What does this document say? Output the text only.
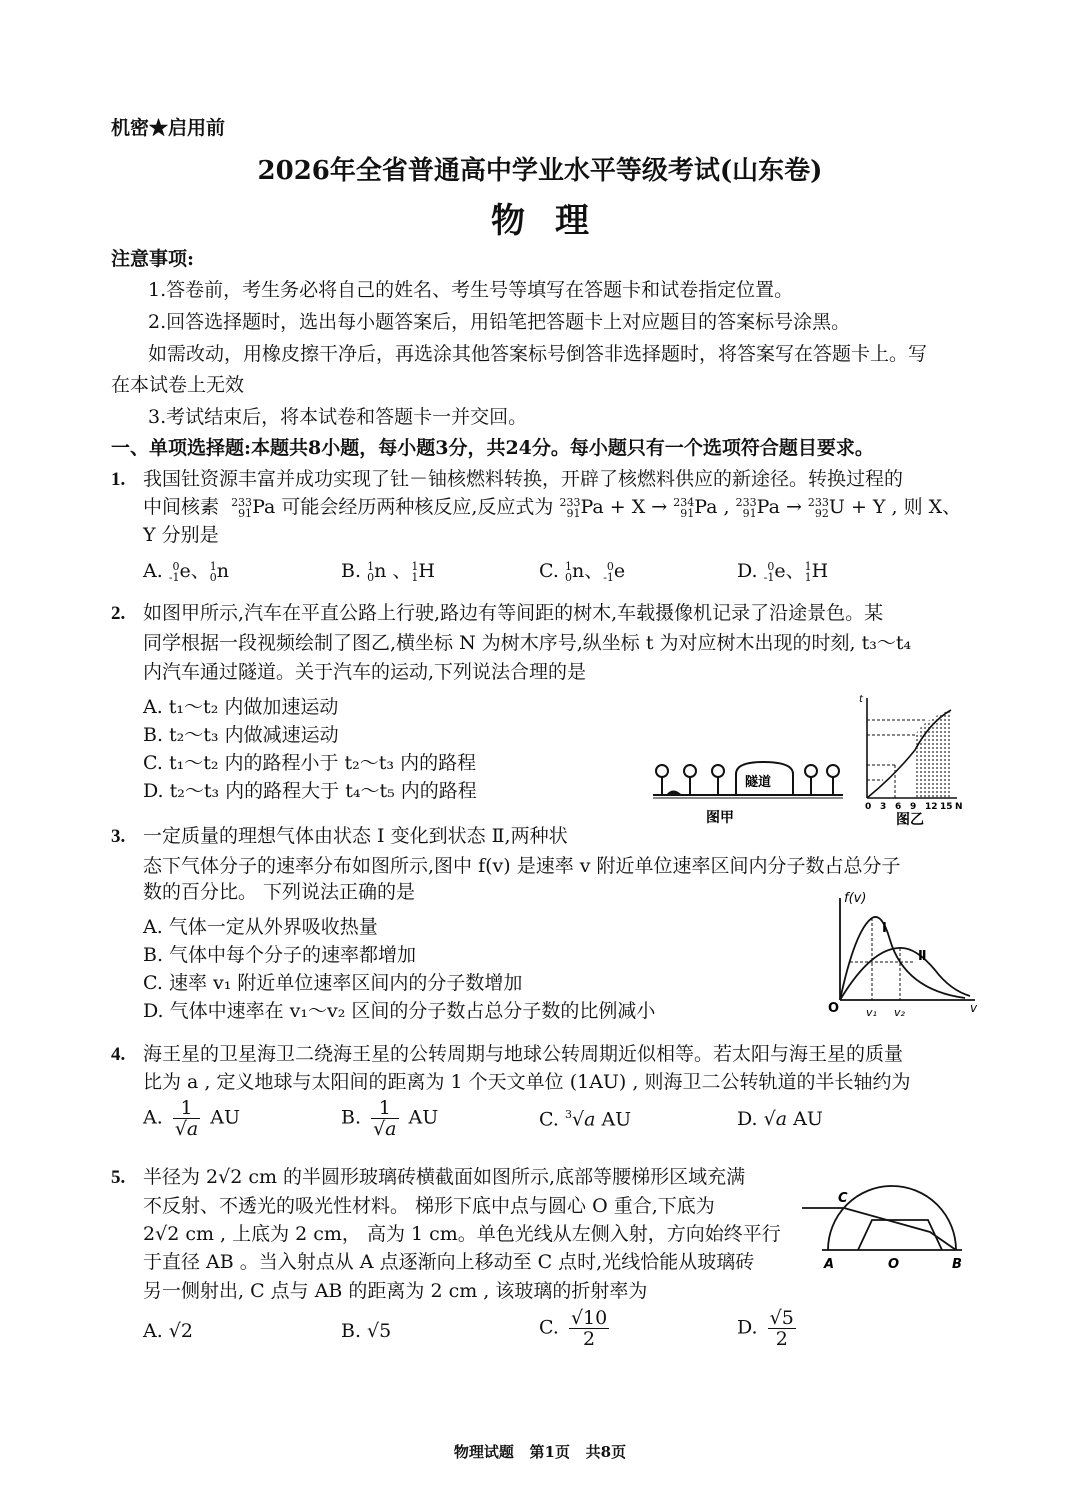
机密★启用前
2026年全省普通高中学业水平等级考试(山东卷)
物理
注意事项:
1.答卷前，考生务必将自己的姓名、考生号等填写在答题卡和试卷指定位置。
2.回答选择题时，选出每小题答案后，用铅笔把答题卡上对应题目的答案标号涂黑。
如需改动，用橡皮擦干净后，再选涂其他答案标号倒答非选择题时，将答案写在答题卡上。写
在本试卷上无效
3.考试结束后，将本试卷和答题卡一并交回。
一、单项选择题:本题共8小题，每小题3分，共24分。每小题只有一个选项符合题目要求。
1. 我国钍资源丰富并成功实现了钍－铀核燃料转换，开辟了核燃料供应的新途径。转换过程的
中间核素 233
91Pa 可能会经历两种核反应,反应式为 233
91Pa + X → 234
91Pa , 233
91Pa → 233
92U + Y , 则 X、
Y 分别是
A. 0
-1e、1
0n	B. 1
0n 、1
1H	C. 1
0n、 0
-1e	D. 0
-1e、1
1H
2. 如图甲所示,汽车在平直公路上行驶,路边有等间距的树木,车载摄像机记录了沿途景色。某
同学根据一段视频绘制了图乙,横坐标 N 为树木序号,纵坐标 t 为对应树木出现的时刻, t₃～t₄
内汽车通过隧道。关于汽车的运动,下列说法合理的是
A. t₁～t₂ 内做加速运动
B. t₂～t₃ 内做减速运动
C. t₁～t₂ 内的路程小于 t₂～t₃ 内的路程
D. t₂～t₃ 内的路程大于 t₄～t₅ 内的路程	隧道
图甲
t
图乙
0 3 6 9 12 15 N
3. 一定质量的理想气体由状态 Ⅰ 变化到状态 Ⅱ,两种状
态下气体分子的速率分布如图所示,图中 f(v) 是速率 v 附近单位速率区间内分子数占总分子
数的百分比。 下列说法正确的是
A. 气体一定从外界吸收热量
B. 气体中每个分子的速率都增加
C. 速率 v₁ 附近单位速率区间内的分子数增加
D. 气体中速率在 v₁～v₂ 区间的分子数占总分子数的比例减小
f(v)
v
O
Ⅰ
Ⅱ
v₁ v₂
4. 海王星的卫星海卫二绕海王星的公转周期与地球公转周期近似相等。若太阳与海王星的质量
比为 a , 定义地球与太阳间的距离为 1 个天文单位 (1AU) , 则海卫二公转轨道的半长轴约为
A. $\frac{1}{√a}$ AU	B. $\frac{1}{√a}$ AU	C. $^3$√a AU	D. √a AU
5. 半径为 2√2 cm 的半圆形玻璃砖横截面如图所示,底部等腰梯形区域充满
不反射、不透光的吸光性材料。 梯形下底中点与圆心 O 重合,下底为
2√2 cm , 上底为 2 cm， 高为 1 cm。单色光线从左侧入射，方向始终平行
于直径 AB 。当入射点从 A 点逐渐向上移动至 C 点时,光线恰能从玻璃砖
另一侧射出, C 点与 AB 的距离为 2 cm , 该玻璃的折射率为
A. √2	B. √5	C. $\frac{√10}{2}$	D. $\frac{√5}{2}$
A	O	B
C
物理试题   第1页   共8页
